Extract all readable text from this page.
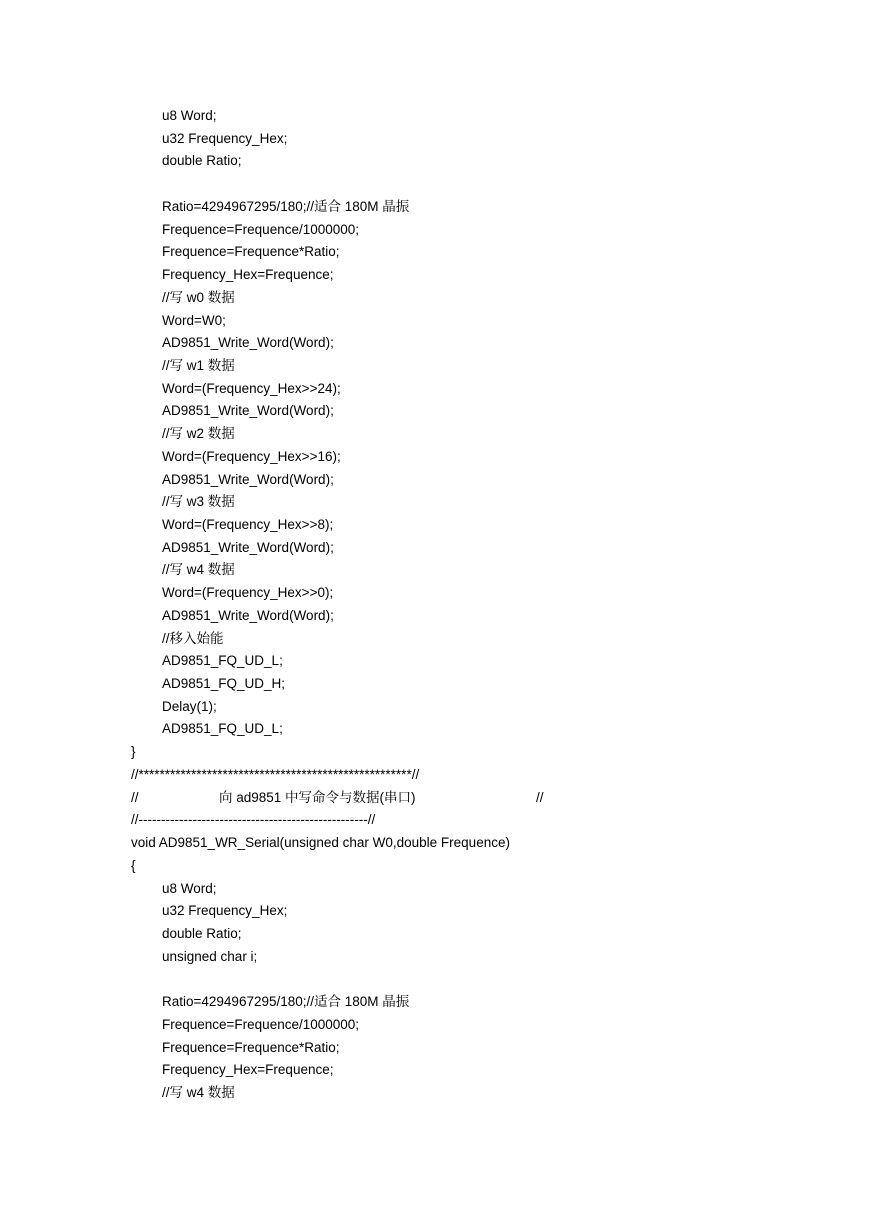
u8 Word;
u32 Frequency_Hex;
double Ratio;
Ratio=4294967295/180;//适合 180M 晶振
Frequence=Frequence/1000000;
Frequence=Frequence*Ratio;
Frequency_Hex=Frequence;
//写 w0 数据
Word=W0;
AD9851_Write_Word(Word);
//写 w1 数据
Word=(Frequency_Hex>>24);
AD9851_Write_Word(Word);
//写 w2 数据
Word=(Frequency_Hex>>16);
AD9851_Write_Word(Word);
//写 w3 数据
Word=(Frequency_Hex>>8);
AD9851_Write_Word(Word);
//写 w4 数据
Word=(Frequency_Hex>>0);
AD9851_Write_Word(Word);
//移入始能
AD9851_FQ_UD_L;
AD9851_FQ_UD_H;
Delay(1);
AD9851_FQ_UD_L;
}
//****************************************************//
//	向 ad9851 中写命令与数据(串口)	//
//---------------------------------------------------//
void AD9851_WR_Serial(unsigned char W0,double Frequence)
{
u8 Word;
u32 Frequency_Hex;
double Ratio;
unsigned char i;
Ratio=4294967295/180;//适合 180M 晶振
Frequence=Frequence/1000000;
Frequence=Frequence*Ratio;
Frequency_Hex=Frequence;
//写 w4 数据
